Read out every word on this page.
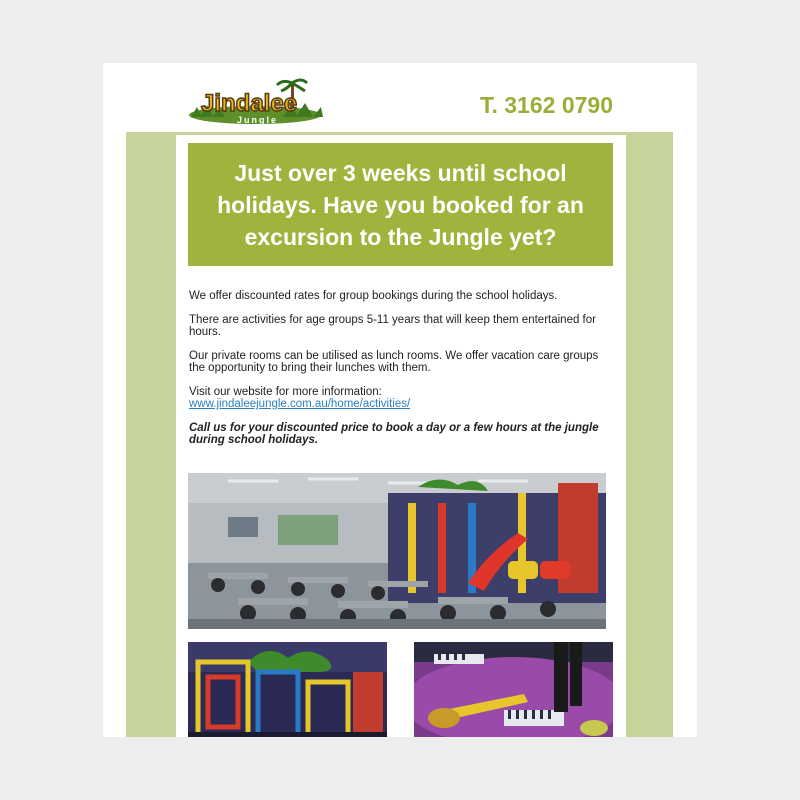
Jindalee
Jungle
T. 3162 0790
Just over 3 weeks until school holidays. Have you booked for an excursion to the Jungle yet?

We offer discounted rates for group bookings during the school holidays.

There are activities for age groups 5-11 years that will keep them entertained for hours.

Our private rooms can be utilised as lunch rooms. We offer vacation care groups the opportunity to bring their lunches with them.

Visit our website for more information:
www.jindaleejungle.com.au/home/activities/

Call us for your discounted price to book a day or a few hours at the jungle during school holidays.
